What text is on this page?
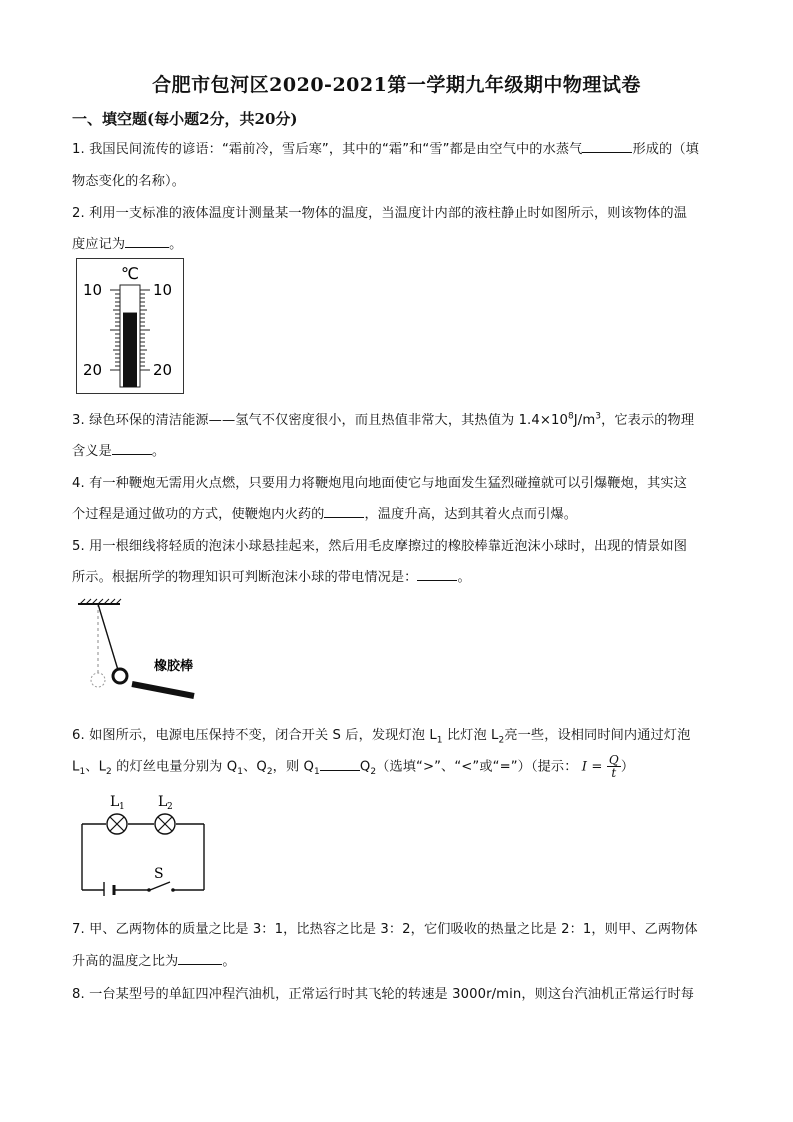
合肥市包河区2020-2021第一学期九年级期中物理试卷
一、填空题(每小题2分，共20分)
1. 我国民间流传的谚语：“霜前冷，雪后寒”，其中的“霜”和“雪”都是由空气中的水蒸气	形成的（填
物态变化的名称）。
2. 利用一支标准的液体温度计测量某一物体的温度，当温度计内部的液柱静止时如图所示，则该物体的温
度应记为	。
℃
10	10
20	20
3. 绿色环保的清洁能源——氢气不仅密度很小，而且热值非常大，其热值为 $1.4\times 10^8J/m^3$，它表示的物理
含义是	。
4. 有一种鞭炮无需用火点燃，只要用力将鞭炮甩向地面使它与地面发生猛烈碰撞就可以引爆鞭炮，其实这
个过程是通过做功的方式，使鞭炮内火药的	，温度升高，达到其着火点而引爆。
5. 用一根细线将轻质的泡沫小球悬挂起来，然后用毛皮摩擦过的橡胶棒靠近泡沫小球时，出现的情景如图
所示。根据所学的物理知识可判断泡沫小球的带电情况是：	。
橡胶棒
6. 如图所示，电源电压保持不变，闭合开关 S 后，发现灯泡 $L_1$ 比灯泡 $L_2$亮一些，设相同时间内通过灯泡
$L_1$、$L_2$ 的灯丝电量分别为 $Q_1$、$Q_2$，则 $Q_1$	$Q_2$（选填“>”、“<”或“=”）（提示： $I = \frac{Q}{t}$ ）
L 1 L 2
S
7. 甲、乙两物体的质量之比是 3：1，比热容之比是 3：2，它们吸收的热量之比是 2：1，则甲、乙两物体
升高的温度之比为	。
8. 一台某型号的单缸四冲程汽油机，正常运行时其飞轮的转速是 3000r/min，则这台汽油机正常运行时每
